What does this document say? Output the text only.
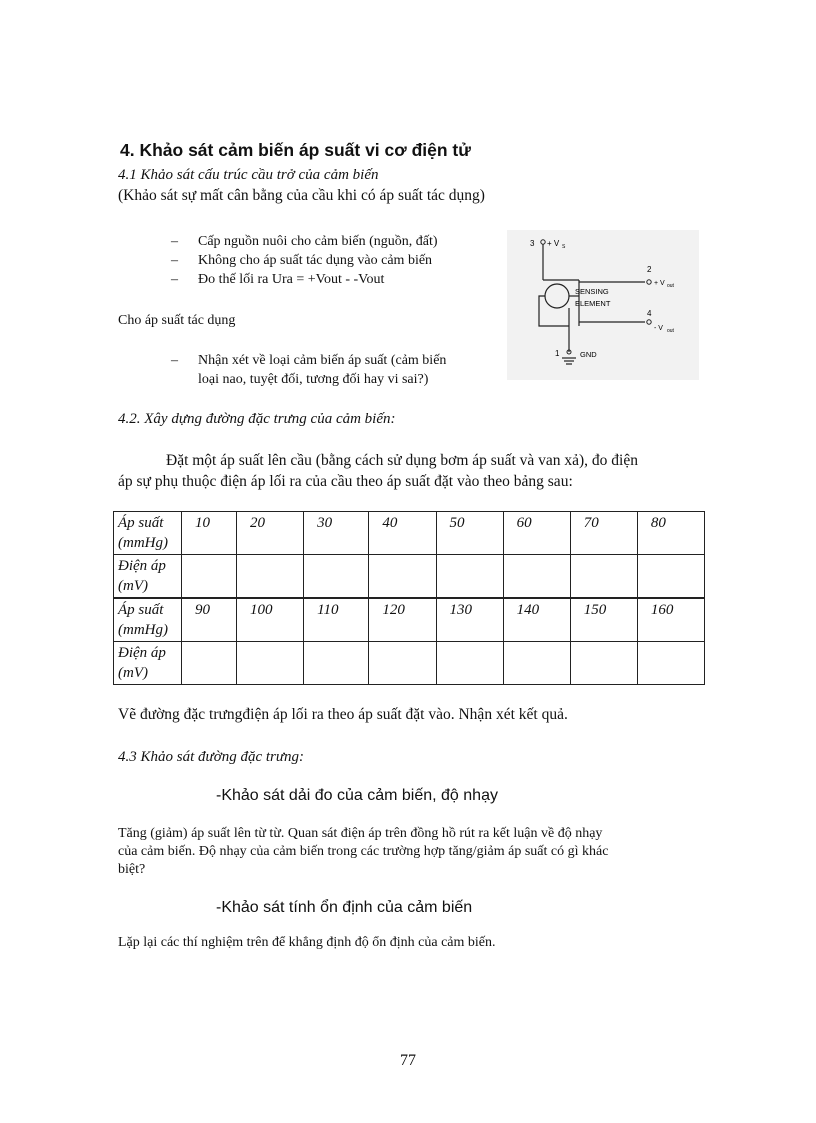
4. Khảo sát cảm biến áp suất vi cơ điện tử
4.1 Khảo sát cấu trúc cầu trở của cảm biến
(Khảo sát sự mất cân bằng của cầu khi có áp suất tác dụng)
– Cấp nguồn nuôi cho cảm biến (nguồn, đất)
– Không cho áp suất tác dụng vào cảm biến
– Đo thế lối ra Ura = +Vout - -Vout
Cho áp suất tác dụng
– Nhận xét về loại cảm biến áp suất (cảm biến
loại nao, tuyệt đối, tương đối hay vi sai?)
3 + V S
2
+ V out
SENSING
ELEMENT
4
- V out
1	GND
4.2. Xây dựng đường đặc trưng của cảm biến:
Đặt một áp suất lên cầu (bằng cách sử dụng bơm áp suất và van xả), đo điện
áp sự phụ thuộc điện áp lối ra của cầu theo áp suất đặt vào theo bảng sau:
Áp suất
(mmHg)	10	20	30	40	50	60	70	80
Điện áp
(mV)								
Áp suất
(mmHg)	90	100	110	120	130	140	150	160
Điện áp
(mV)								
Vẽ đường đặc trưngđiện áp lối ra theo áp suất đặt vào. Nhận xét kết quả.
4.3 Khảo sát đường đặc trưng:
-Khảo sát dải đo của cảm biến, độ nhạy
Tăng (giảm) áp suất lên từ từ. Quan sát điện áp trên đồng hồ rút ra kết luận về độ nhạy
của cảm biến. Độ nhạy của cảm biến trong các trường hợp tăng/giảm áp suất có gì khác
biệt?
-Khảo sát tính ổn định của cảm biến
Lặp lại các thí nghiệm trên để khẳng định độ ổn định của cảm biến.
77
